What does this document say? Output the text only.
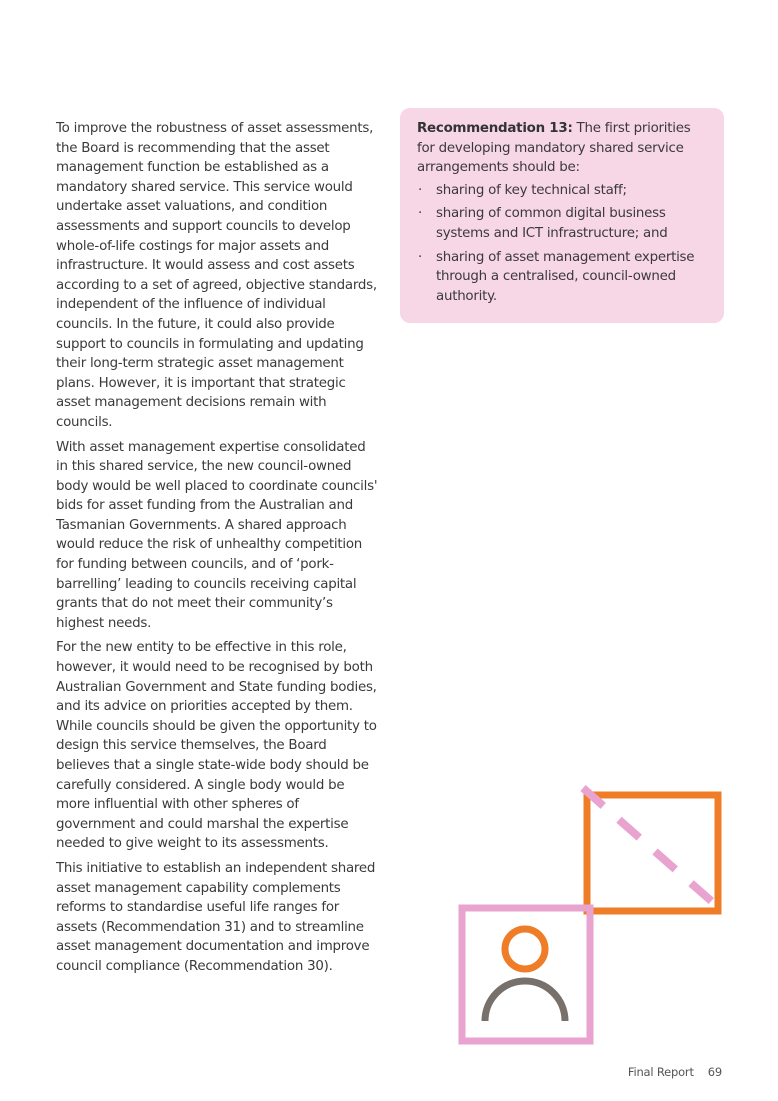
To improve the robustness of asset assessments, the Board is recommending that the asset management function be established as a mandatory shared service. This service would undertake asset valuations, and condition assessments and support councils to develop whole-of-life costings for major assets and infrastructure. It would assess and cost assets according to a set of agreed, objective standards, independent of the influence of individual councils. In the future, it could also provide support to councils in formulating and updating their long-term strategic asset management plans. However, it is important that strategic asset management decisions remain with councils.

With asset management expertise consolidated in this shared service, the new council-owned body would be well placed to coordinate councils' bids for asset funding from the Australian and Tasmanian Governments. A shared approach would reduce the risk of unhealthy competition for funding between councils, and of ‘pork-barrelling’ leading to councils receiving capital grants that do not meet their community’s highest needs.

For the new entity to be effective in this role, however, it would need to be recognised by both Australian Government and State funding bodies, and its advice on priorities accepted by them. While councils should be given the opportunity to design this service themselves, the Board believes that a single state-wide body should be carefully considered. A single body would be more influential with other spheres of government and could marshal the expertise needed to give weight to its assessments.

This initiative to establish an independent shared asset management capability complements reforms to standardise useful life ranges for assets (Recommendation 31) and to streamline asset management documentation and improve council compliance (Recommendation 30).

Recommendation 13: The first priorities for developing mandatory shared service arrangements should be:

· sharing of key technical staff;
· sharing of common digital business systems and ICT infrastructure; and
· sharing of asset management expertise through a centralised, council-owned authority.
Final Report 69
